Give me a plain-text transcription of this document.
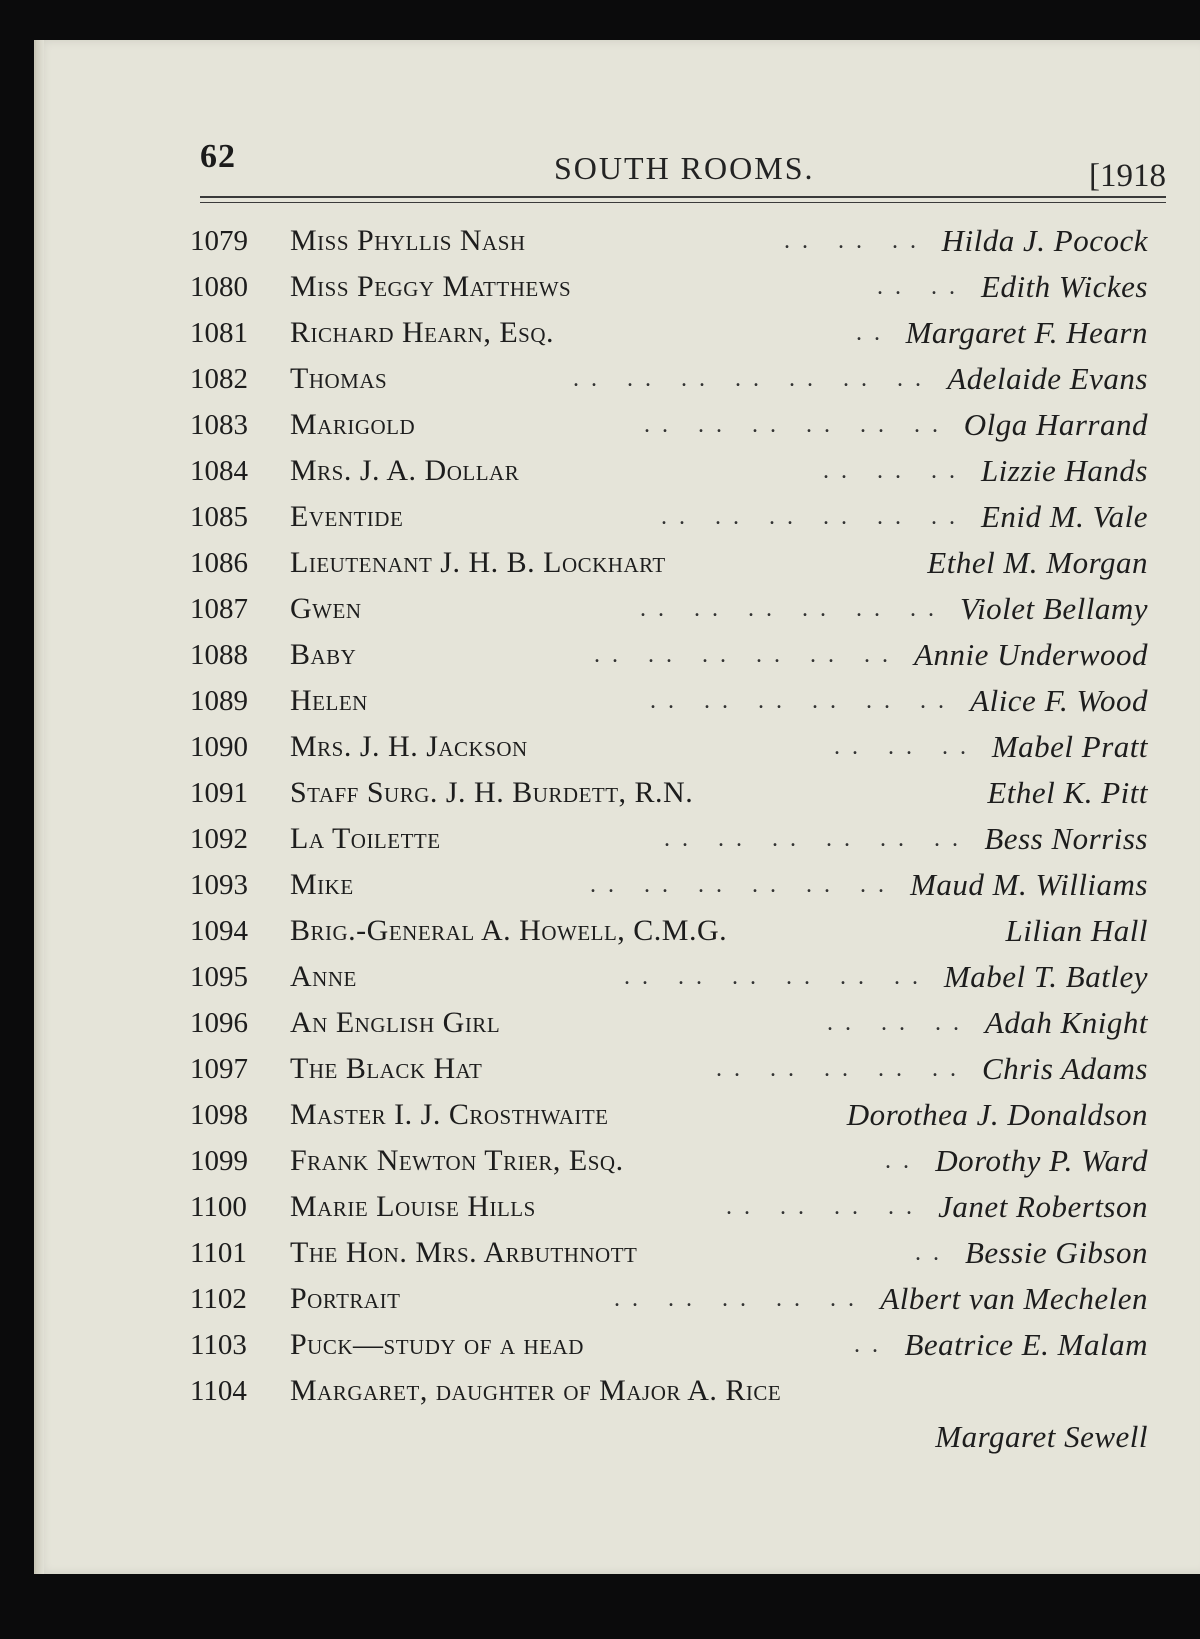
62	SOUTH ROOMS.	[1918
1079	Miss Phyllis Nash	Hilda J. Pocock
.. .. ..
1080	Miss Peggy Matthews	Edith Wickes
.. ..
1081	Richard Hearn, Esq.	Margaret F. Hearn
..
1082	Thomas	Adelaide Evans
.. .. .. .. .. .. ..
1083	Marigold	Olga Harrand
.. .. .. .. .. ..
1084	Mrs. J. A. Dollar	Lizzie Hands
.. .. ..
1085	Eventide	Enid M. Vale
.. .. .. .. .. ..
1086	Lieutenant J. H. B. Lockhart	Ethel M. Morgan
1087	Gwen	Violet Bellamy
.. .. .. .. .. ..
1088	Baby	Annie Underwood
.. .. .. .. .. ..
1089	Helen	Alice F. Wood
.. .. .. .. .. ..
1090	Mrs. J. H. Jackson	Mabel Pratt
.. .. ..
1091	Staff Surg. J. H. Burdett, R.N.	Ethel K. Pitt
1092	La Toilette	Bess Norriss
.. .. .. .. .. ..
1093	Mike	Maud M. Williams
.. .. .. .. .. ..
1094	Brig.-General A. Howell, C.M.G.	Lilian Hall
1095	Anne	Mabel T. Batley
.. .. .. .. .. ..
1096	An English Girl	Adah Knight
.. .. ..
1097	The Black Hat	Chris Adams
.. .. .. .. ..
1098	Master I. J. Crosthwaite	Dorothea J. Donaldson
1099	Frank Newton Trier, Esq.	Dorothy P. Ward
..
1100	Marie Louise Hills	Janet Robertson
.. .. .. ..
1101	The Hon. Mrs. Arbuthnott	Bessie Gibson
..
1102	Portrait	Albert van Mechelen
.. .. .. .. ..
1103	Puck—study of a head	Beatrice E. Malam
..
1104	Margaret, daughter of Major A. Rice
Margaret Sewell
